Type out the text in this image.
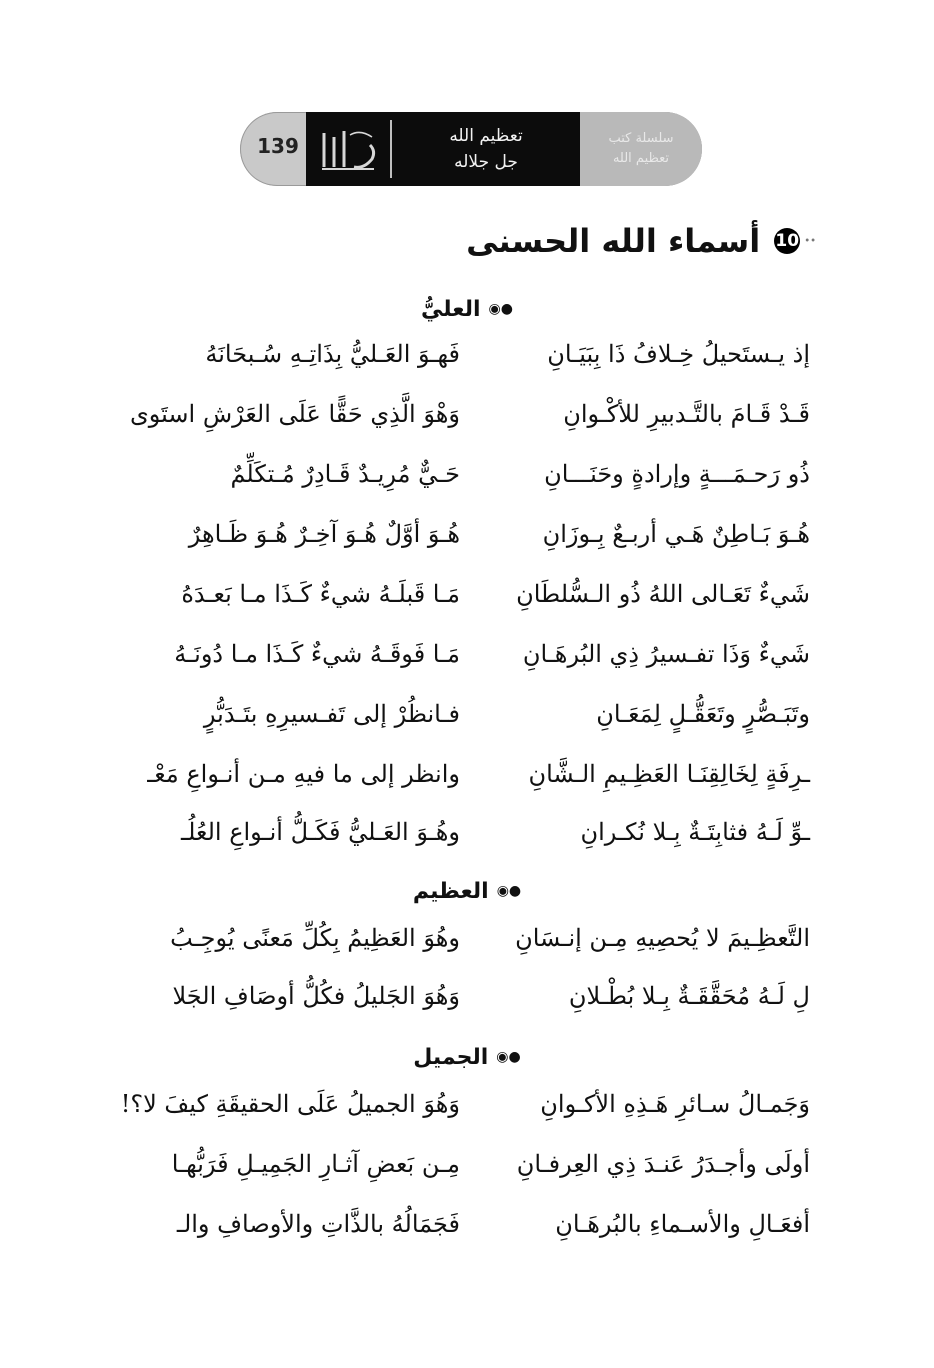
سلسلة كتب
تعظيم الله
تعظيم الله
جل جلاله
139
••
10
أسماء الله الحسنى
العليُّ ◉●
فَهـوَ العَـليُّ بِذَاتِـهِ سُـبحَانَهُ	إذ يـستَحيلُ خِـلافُ ذَا بِبَيَـانِ
وَهْوَ الَّذِي حَقًّا عَلَى العَرْشِ استَوى	قَـدْ قَـامَ بالتَّـدبيرِ للأكْـوانِ
حَـيٌّ مُرِيـدٌ قَـادِرٌ مُـتكَلِّمٌ	ذُو رَحـمَـــةٍ وإرادةٍ وحَنَـــانِ
هُـوَ أوَّلٌ هُـوَ آخِـرٌ هُـوَ ظَـاهِرٌ	هُـوَ بَـاطِنٌ هَـي أربـعٌ بِـوزَانِ
مَـا قَبلَـهُ شيءٌ كَـذَا مـا بَعـدَهُ	شَيءٌ تَعَـالى اللهُ ذُو الـسُّلطَانِ
مَـا فَوقَـهُ شيءٌ كَـذَا مـا دُونَـهُ	شَيءٌ وَذَا تفـسيرُ ذِي البُرهَـانِ
فـانظُرْ إلى تَفـسيرِهِ بتَـدَبُّرٍ	وتَبَـصُّرٍ وتَعَقُّـلٍ لِمَعَـانِ
وانظر إلى ما فيهِ مـن أنـواعِ مَعْـ	ـرِفَةٍ لِخَالِقِنَـا العَظِـيمِ الـشَّانِ
وهُـوَ العَـليُّ فَكَـلُّ أنـواعِ العُلُـ	ـوِّ لَـهُ فثابِتَـةٌ بِـلا نُكـرانِ
العظيم ◉●
وهُوَ العَظِيمُ بِكُلِّ مَعنًى يُوجِـبُ	التَّعظِـيمَ لا يُحصِيهِ مِـن إنـسَانِ
وَهُوَ الجَليلُ فكُلُّ أوصَافِ الجَلا	لِ لَـهُ مُحَقَّقَـةٌ بِـلا بُطْـلانِ
الجميل ◉●
وَهُوَ الجميلُ عَلَى الحقيقَةِ كيفَ لا؟!	وَجَمـالُ سـائرِ هَـذِهِ الأكـوانِ
مِـن بَعضِ آثـارِ الجَمِيـلِ فَرَبُّهـا	أولَى وأجـدَرُ عَنـدَ ذِي العِرفـانِ
فَجَمَالُهُ بالذَّاتِ والأوصافِ والـ	أفعَـالِ والأسـماءِ بالبُرهَـانِ
